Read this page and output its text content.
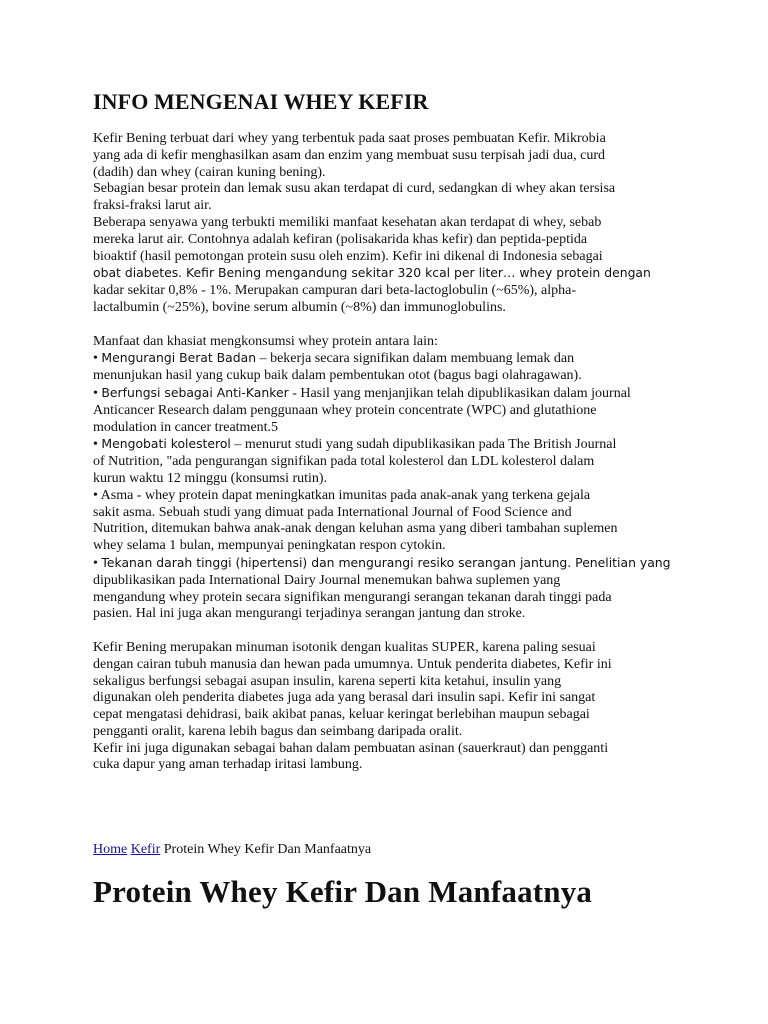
INFO MENGENAI WHEY KEFIR
Kefir Bening terbuat dari whey yang terbentuk pada saat proses pembuatan Kefir. Mikrobia
yang ada di kefir menghasilkan asam dan enzim yang membuat susu terpisah jadi dua, curd
(dadih) dan whey (cairan kuning bening).
Sebagian besar protein dan lemak susu akan terdapat di curd, sedangkan di whey akan tersisa
fraksi-fraksi larut air.
Beberapa senyawa yang terbukti memiliki manfaat kesehatan akan terdapat di whey, sebab
mereka larut air. Contohnya adalah kefiran (polisakarida khas kefir) dan peptida-peptida
bioaktif (hasil pemotongan protein susu oleh enzim). Kefir ini dikenal di Indonesia sebagai
obat diabetes. Kefir Bening mengandung sekitar 320 kcal per liter… whey protein dengan
kadar sekitar 0,8% - 1%. Merupakan campuran dari beta-lactoglobulin (~65%), alpha-
lactalbumin (~25%), bovine serum albumin (~8%) dan immunoglobulins.
Manfaat dan khasiat mengkonsumsi whey protein antara lain:
• Mengurangi Berat Badan – bekerja secara signifikan dalam membuang lemak dan
menunjukan hasil yang cukup baik dalam pembentukan otot (bagus bagi olahragawan).
• Berfungsi sebagai Anti-Kanker - Hasil yang menjanjikan telah dipublikasikan dalam journal
Anticancer Research dalam penggunaan whey protein concentrate (WPC) and glutathione
modulation in cancer treatment.5
• Mengobati kolesterol – menurut studi yang sudah dipublikasikan pada The British Journal
of Nutrition, "ada pengurangan signifikan pada total kolesterol dan LDL kolesterol dalam
kurun waktu 12 minggu (konsumsi rutin).
• Asma - whey protein dapat meningkatkan imunitas pada anak-anak yang terkena gejala
sakit asma. Sebuah studi yang dimuat pada International Journal of Food Science and
Nutrition, ditemukan bahwa anak-anak dengan keluhan asma yang diberi tambahan suplemen
whey selama 1 bulan, mempunyai peningkatan respon cytokin.
• Tekanan darah tinggi (hipertensi) dan mengurangi resiko serangan jantung. Penelitian yang
dipublikasikan pada International Dairy Journal menemukan bahwa suplemen yang
mengandung whey protein secara signifikan mengurangi serangan tekanan darah tinggi pada
pasien. Hal ini juga akan mengurangi terjadinya serangan jantung dan stroke.
Kefir Bening merupakan minuman isotonik dengan kualitas SUPER, karena paling sesuai
dengan cairan tubuh manusia dan hewan pada umumnya. Untuk penderita diabetes, Kefir ini
sekaligus berfungsi sebagai asupan insulin, karena seperti kita ketahui, insulin yang
digunakan oleh penderita diabetes juga ada yang berasal dari insulin sapi. Kefir ini sangat
cepat mengatasi dehidrasi, baik akibat panas, keluar keringat berlebihan maupun sebagai
pengganti oralit, karena lebih bagus dan seimbang daripada oralit.
Kefir ini juga digunakan sebagai bahan dalam pembuatan asinan (sauerkraut) dan pengganti
cuka dapur yang aman terhadap iritasi lambung.
Home Kefir Protein Whey Kefir Dan Manfaatnya
Protein Whey Kefir Dan Manfaatnya
